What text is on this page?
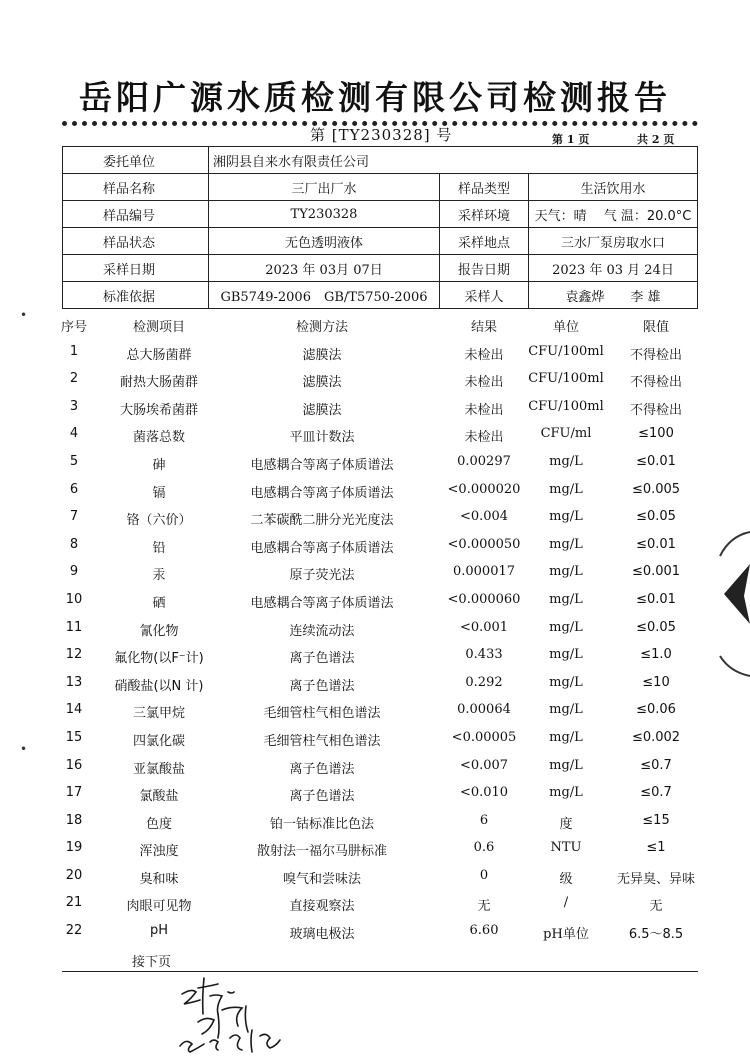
岳阳广源水质检测有限公司检测报告
第 [TY230328] 号	第 1 页	共 2 页
委托单位	湘阴县自来水有限责任公司		
样品名称	三厂出厂水	样品类型	生活饮用水
样品编号	TY230328	采样环境	天气：晴　 气 温：20.0°C
样品状态	无色透明液体	采样地点	三水厂泵房取水口
采样日期	2023 年 03月 07日	报告日期	2023 年 03 月 24日
标准依据	GB5749-2006　GB/T5750-2006	采样人	袁鑫烨　　李 雄
序号	检测项目	检测方法	结果	单位	限值
1	总大肠菌群	滤膜法	未检出	CFU/100ml	不得检出
2	耐热大肠菌群	滤膜法	未检出	CFU/100ml	不得检出
3	大肠埃希菌群	滤膜法	未检出	CFU/100ml	不得检出
4	菌落总数	平皿计数法	未检出	CFU/ml	≤100
5	砷	电感耦合等离子体质谱法	0.00297	mg/L	≤0.01
6	镉	电感耦合等离子体质谱法	<0.000020	mg/L	≤0.005
7	铬（六价）	二苯碳酰二肼分光光度法	<0.004	mg/L	≤0.05
8	铅	电感耦合等离子体质谱法	<0.000050	mg/L	≤0.01
9	汞	原子荧光法	0.000017	mg/L	≤0.001
10	硒	电感耦合等离子体质谱法	<0.000060	mg/L	≤0.01
11	氰化物	连续流动法	<0.001	mg/L	≤0.05
12	氟化物(以F⁻计)	离子色谱法	0.433	mg/L	≤1.0
13	硝酸盐(以N 计)	离子色谱法	0.292	mg/L	≤10
14	三氯甲烷	毛细管柱气相色谱法	0.00064	mg/L	≤0.06
15	四氯化碳	毛细管柱气相色谱法	<0.00005	mg/L	≤0.002
16	亚氯酸盐	离子色谱法	<0.007	mg/L	≤0.7
17	氯酸盐	离子色谱法	<0.010	mg/L	≤0.7
18	色度	铂一钴标准比色法	6	度	≤15
19	浑浊度	散射法一福尔马肼标准	0.6	NTU	≤1
20	臭和味	嗅气和尝味法	0	级	无异臭、异味
21	肉眼可见物	直接观察法	无	/	无
22	pH	玻璃电极法	6.60	pH单位	6.5～8.5
接下页
•
•
